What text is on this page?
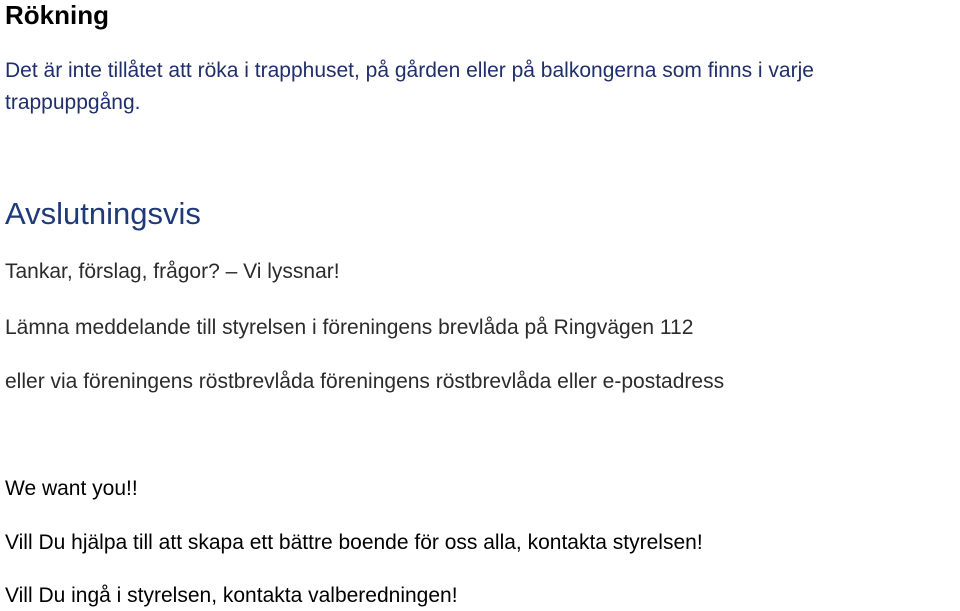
Rökning

Det är inte tillåtet att röka i trapphuset, på gården eller på balkongerna som finns i varje

trappuppgång.

Avslutningsvis

Tankar, förslag, frågor? – Vi lyssnar!

Lämna meddelande till styrelsen i föreningens brevlåda på Ringvägen 112

eller via föreningens röstbrevlåda föreningens röstbrevlåda eller e-postadress

We want you!!

Vill Du hjälpa till att skapa ett bättre boende för oss alla, kontakta styrelsen!

Vill Du ingå i styrelsen, kontakta valberedningen!
